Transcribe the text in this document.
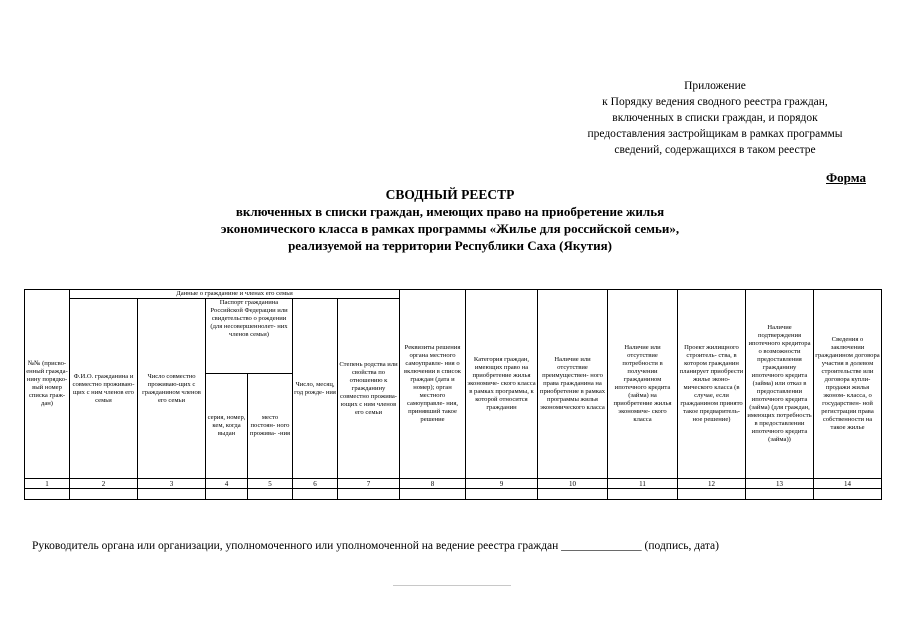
Приложение
к Порядку ведения сводного реестра граждан,
включенных в списки граждан, и порядок
предоставления застройщикам в рамках программы
сведений, содержащихся в таком реестре
Форма
СВОДНЫЙ РЕЕСТР
включенных в списки граждан, имеющих право на приобретение жилья
экономического класса в рамках программы «Жилье для российской семьи»,
реализуемой на территории Республики Саха (Якутия)
№№ (присво- енный гражда- нину порядко- вый номер списка граж- дан)	Данные о гражданине и членах его семьи						Реквизиты решения органа местного самоуправле- ния о включении в список граждан (дата и номер); орган местного самоуправле- ния, принявший такое решение	Категория граждан, имеющих право на приобретение жилья экономиче- ского класса в рамках программы, к которой относится гражданин	Наличие или отсутствие преимуществен- ного права гражданина на приобретение в рамках программы жилья экономического класса	Наличие или отсутствие потребности в получении гражданином ипотечного кредита (займа) на приобретение жилья экономиче- ского класса	Проект жилищного строитель- ства, в котором гражданин планирует приобрести жилье эконо- мического класса (в случае, если гражданином принято такое предваритель- ное решение)	Наличие подтверждения ипотечного кредитора о возможности предоставления гражданину ипотечного кредита (займа) или отказ в предоставлении ипотечного кредита (займа) (для граждан, имеющих потребность в предоставлении ипотечного кредита (займа))	Сведения о заключении гражданином договора участия в долевом строительстве или договора купли- продажи жилья эконом- класса, о государствен- ной регистрации права собственности на такое жилье

	Ф.И.О. гражданина и совместно проживаю- щих с ним членов его семьи	Число совместно проживаю-щих с гражданином членов его семьи	Паспорт гражданина Российской Федерации или свидетельство о рождении (для несовершеннолет- них членов семьи)		Число, месяц, год рожде- ния	Степень родства или свойства по отношению к гражданину совместно прожива- ющих с ним членов его семьи							

			серия, номер, кем, когда выдан	место постоян- ного прожива- -ния									

1	2	3	4	5	6	7	8	9	10	11	12	13	14

Руководитель органа или организации, уполномоченного или уполномоченной на ведение реестра граждан ______________ (подпись, дата)
